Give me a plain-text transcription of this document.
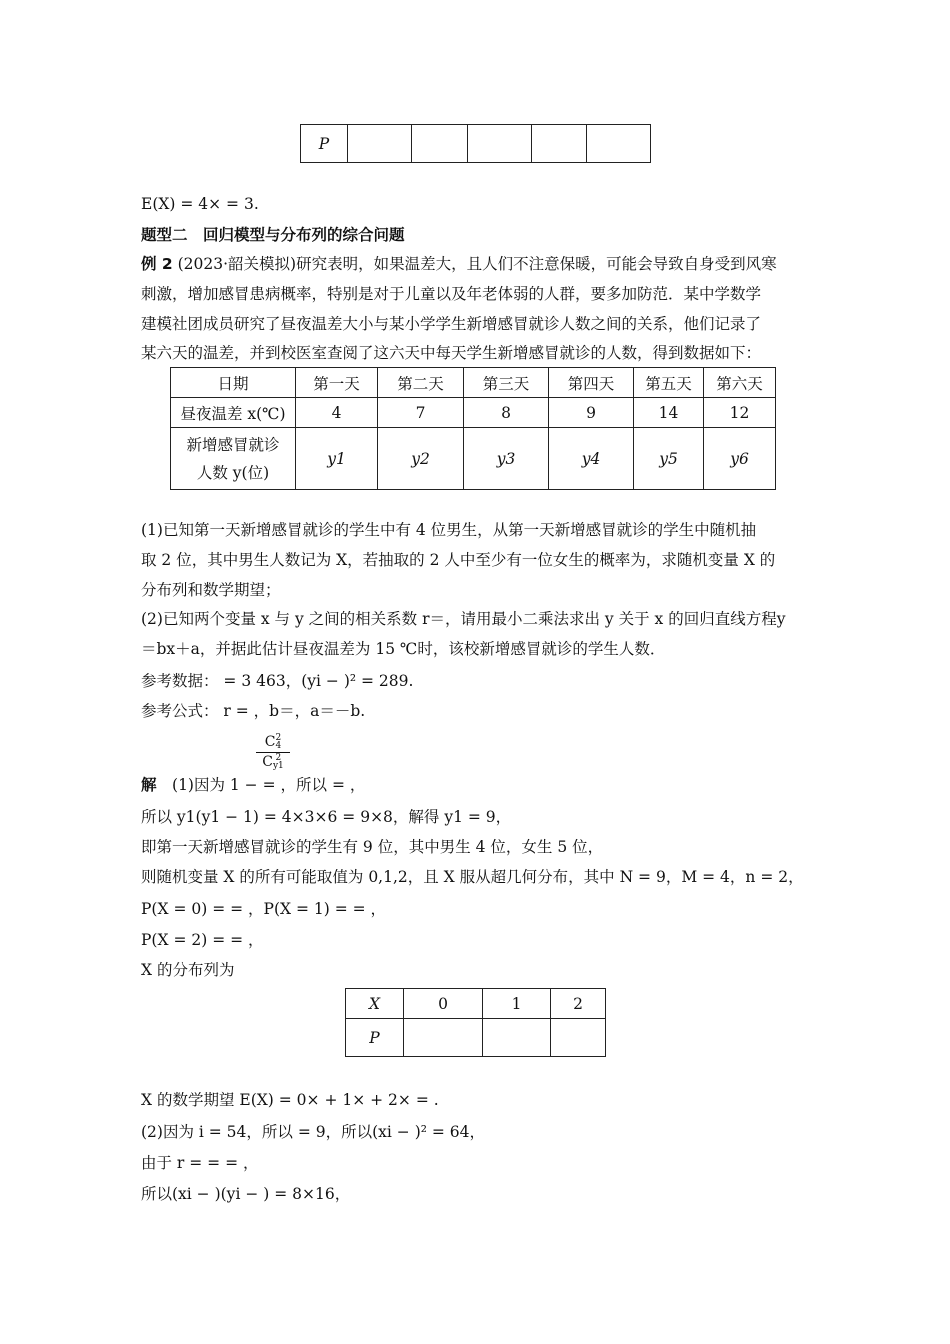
P					
E(X) = 4× = 3.
题型二　回归模型与分布列的综合问题
例 2 (2023·韶关模拟)研究表明，如果温差大，且人们不注意保暖，可能会导致自身受到风寒
刺激，增加感冒患病概率，特别是对于儿童以及年老体弱的人群，要多加防范．某中学数学
建模社团成员研究了昼夜温差大小与某小学学生新增感冒就诊人数之间的关系，他们记录了
某六天的温差，并到校医室查阅了这六天中每天学生新增感冒就诊的人数，得到数据如下：
日期	第一天	第二天	第三天	第四天	第五天	第六天
昼夜温差 x(℃)	4	7	8	9	14	12

新增感冒就诊
人数 y(位)	y1	y2	y3	y4	y5	y6
(1)已知第一天新增感冒就诊的学生中有 4 位男生，从第一天新增感冒就诊的学生中随机抽
取 2 位，其中男生人数记为 X，若抽取的 2 人中至少有一位女生的概率为，求随机变量 X 的
分布列和数学期望；
(2)已知两个变量 x 与 y 之间的相关系数 r＝，请用最小二乘法求出 y 关于 x 的回归直线方程y
＝bx＋a，并据此估计昼夜温差为 15 ℃时，该校新增感冒就诊的学生人数．
参考数据： = 3 463，(yi − )² = 289.
参考公式： r = ，b＝，a＝－b.
C 2
4
C 2
y1
解　(1)因为 1 − = ，所以 = ，
所以 y1(y1 − 1) = 4×3×6 = 9×8，解得 y1 = 9，
即第一天新增感冒就诊的学生有 9 位，其中男生 4 位，女生 5 位，
则随机变量 X 的所有可能取值为 0,1,2，且 X 服从超几何分布，其中 N = 9，M = 4，n = 2，
P(X = 0) = = ，P(X = 1) = = ，
P(X = 2) = = ，
X 的分布列为
X	0	1	2
P			
X 的数学期望 E(X) = 0× + 1× + 2× = .
(2)因为 i = 54，所以 = 9，所以(xi − )² = 64，
由于 r = = = ，
所以(xi − )(yi − ) = 8×16，
